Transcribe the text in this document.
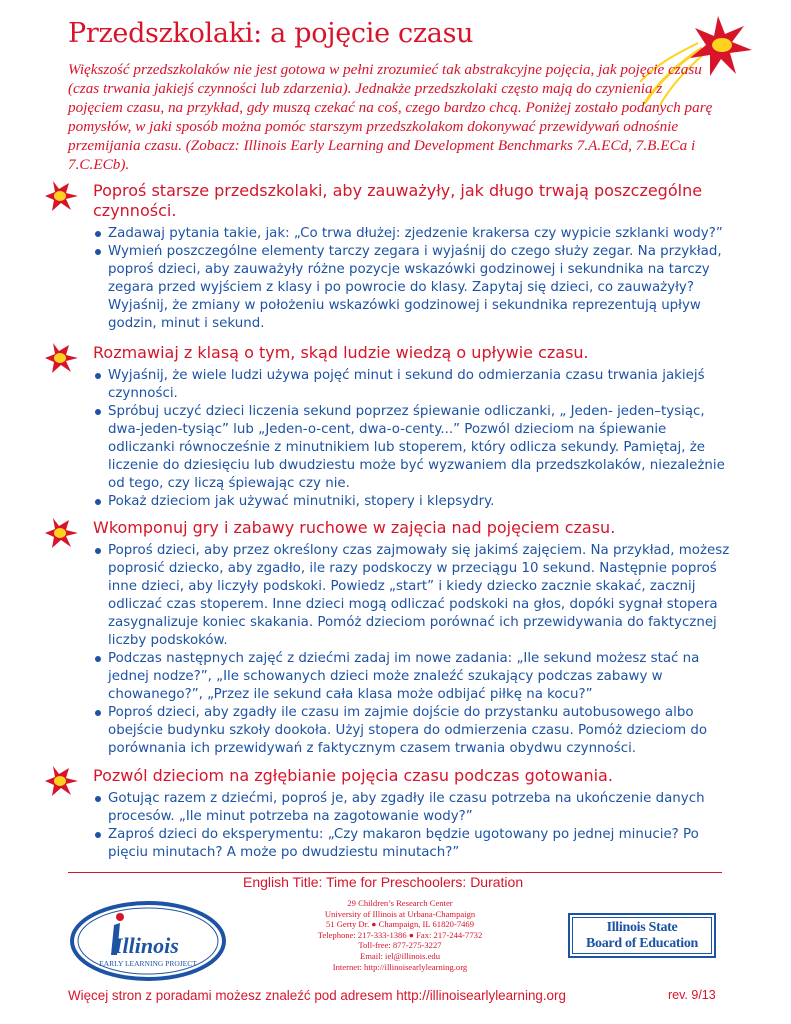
Przedszkolaki: a pojęcie czasu

Większość przedszkolaków nie jest gotowa w pełni zrozumieć tak abstrakcyjne pojęcia, jak pojęcie czasu (czas trwania jakiejś czynności lub zdarzenia). Jednakże przedszkolaki często mają do czynienia z pojęciem czasu, na przykład, gdy muszą czekać na coś, czego bardzo chcą. Poniżej zostało podanych parę pomysłów, w jaki sposób można pomóc starszym przedszkolakom dokonywać przewidywań odnośnie przemijania czasu. (Zobacz: Illinois Early Learning and Development Benchmarks 7.A.ECd, 7.B.ECa i 7.C.ECb).

Poproś starsze przedszkolaki, aby zauważyły, jak długo trwają poszczególne czynności.
Zadawaj pytania takie, jak: „Co trwa dłużej: zjedzenie krakersa czy wypicie szklanki wody?”
Wymień poszczególne elementy tarczy zegara i wyjaśnij do czego służy zegar. Na przykład, poproś dzieci, aby zauważyły różne pozycje wskazówki godzinowej i sekundnika na tarczy zegara przed wyjściem z klasy i po powrocie do klasy. Zapytaj się dzieci, co zauważyły? Wyjaśnij, że zmiany w położeniu wskazówki godzinowej i sekundnika reprezentują upływ godzin, minut i sekund.
Rozmawiaj z klasą o tym, skąd ludzie wiedzą o upływie czasu.
Wyjaśnij, że wiele ludzi używa pojęć minut i sekund do odmierzania czasu trwania jakiejś czynności.
Spróbuj uczyć dzieci liczenia sekund poprzez śpiewanie odliczanki, „ Jeden- jeden–tysiąc, dwa-jeden-tysiąc” lub „Jeden-o-cent, dwa-o-centy...” Pozwól dzieciom na śpiewanie odliczanki równocześnie z minutnikiem lub stoperem, który odlicza sekundy. Pamiętaj, że liczenie do dziesięciu lub dwudziestu może być wyzwaniem dla przedszkolaków, niezależnie od tego, czy liczą śpiewając czy nie.
Pokaż dzieciom jak używać minutniki, stopery i klepsydry.
Wkomponuj gry i zabawy ruchowe w zajęcia nad pojęciem czasu.
Poproś dzieci, aby przez określony czas zajmowały się jakimś zajęciem. Na przykład, możesz poprosić dziecko, aby zgadło, ile razy podskoczy w przeciągu 10 sekund. Następnie poproś inne dzieci, aby liczyły podskoki. Powiedz „start” i kiedy dziecko zacznie skakać, zacznij odliczać czas stoperem. Inne dzieci mogą odliczać podskoki na głos, dopóki sygnał stopera zasygnalizuje koniec skakania. Pomóż dzieciom porównać ich przewidywania do faktycznej liczby podskoków.
Podczas następnych zajęć z dziećmi zadaj im nowe zadania: „Ile sekund możesz stać na jednej nodze?”, „Ile schowanych dzieci może znaleźć szukający podczas zabawy w chowanego?”, „Przez ile sekund cała klasa może odbijać piłkę na kocu?”
Poproś dzieci, aby zgadły ile czasu im zajmie dojście do przystanku autobusowego albo obejście budynku szkoły dookoła. Użyj stopera do odmierzenia czasu. Pomóż dzieciom do porównania ich przewidywań z faktycznym czasem trwania obydwu czynności.
Pozwól dzieciom na zgłębianie pojęcia czasu podczas gotowania.
Gotując razem z dziećmi, poproś je, aby zgadły ile czasu potrzeba na ukończenie danych procesów. „Ile minut potrzeba na zagotowanie wody?”
Zaproś dzieci do eksperymentu: „Czy makaron będzie ugotowany po jednej minucie? Po pięciu minutach? A może po dwudziestu minutach?”
English Title: Time for Preschoolers: Duration
Illinois
EARLY LEARNING PROJECT
29 Children’s Research Center
University of Illinois at Urbana-Champaign
51 Gerty Dr. ● Champaign, IL 61820-7469
Telephone: 217-333-1386 ● Fax: 217-244-7732
Toll-free: 877-275-3227
Email: iel@illinois.edu
Internet: http://illinoisearlylearning.org
Illinois State
Board of Education
Więcej stron z poradami możesz znaleźć pod adresem http://illinoisearlylearning.org	rev. 9/13
